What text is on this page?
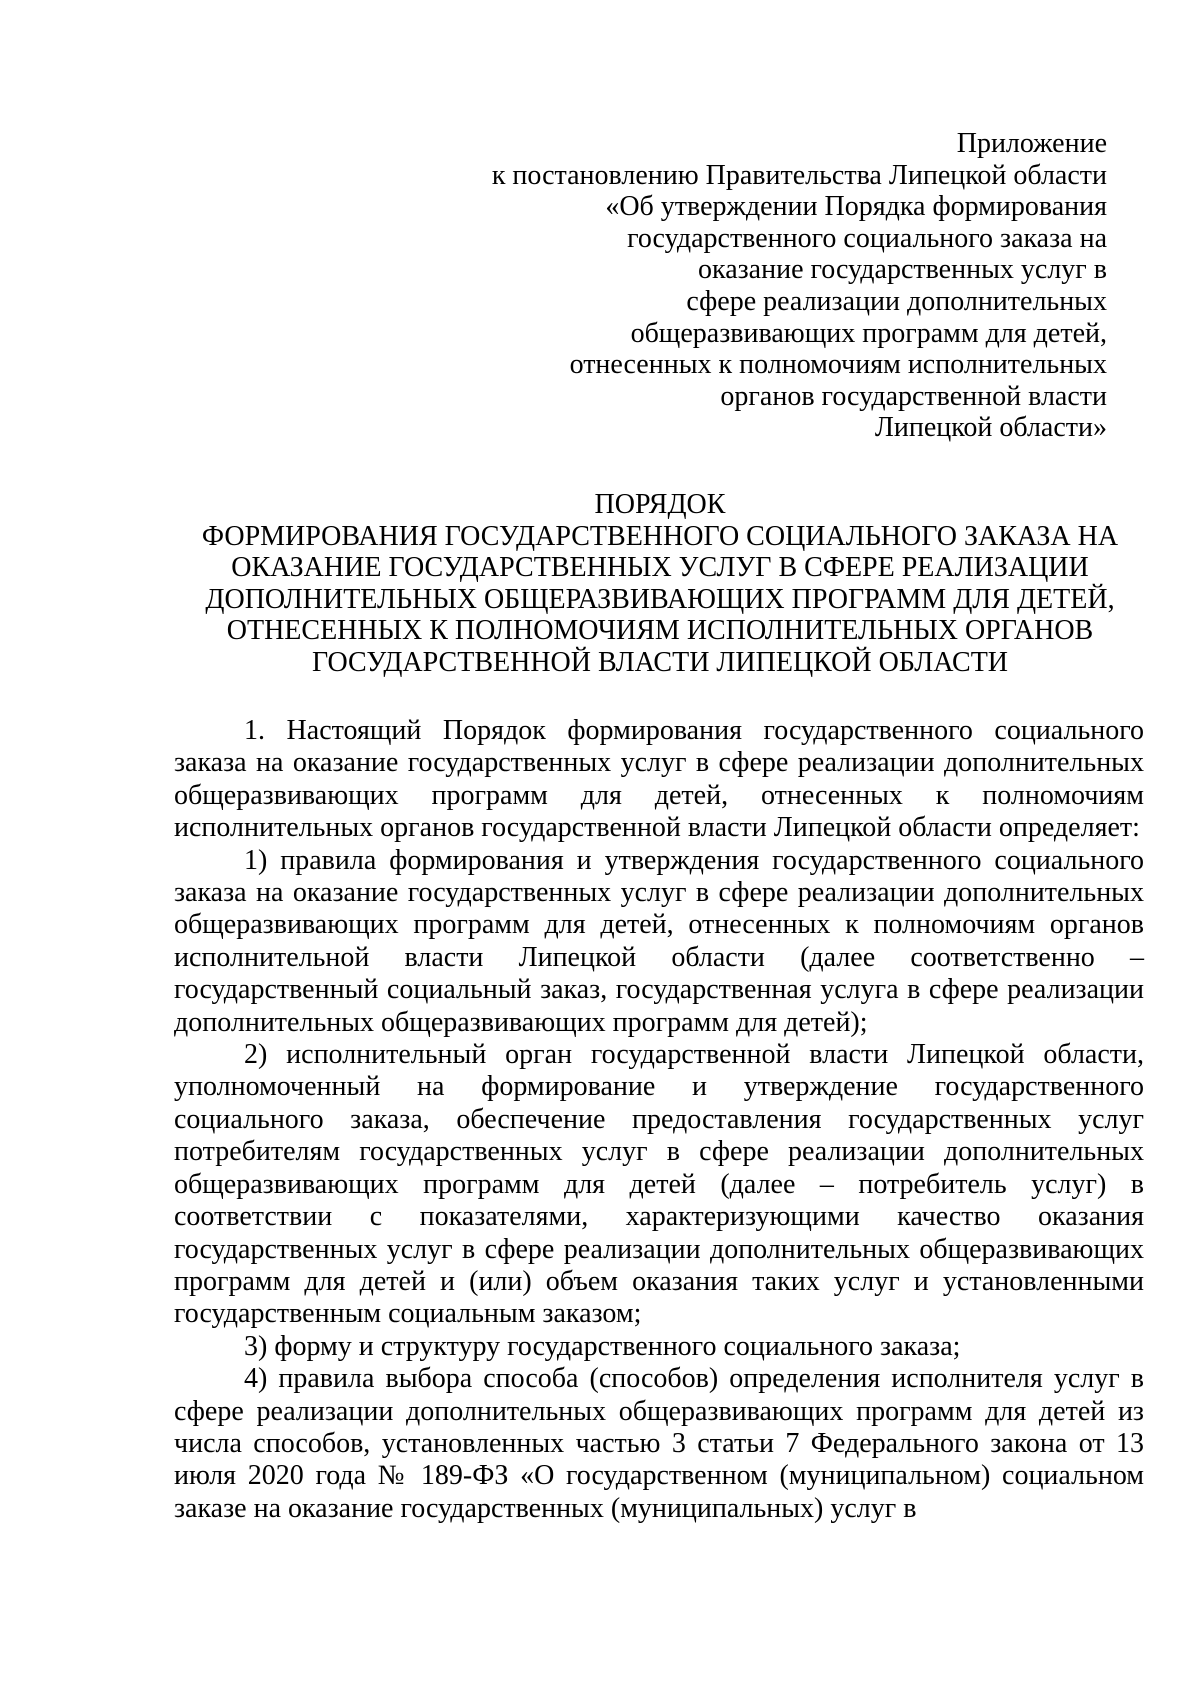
Приложение
к постановлению Правительства Липецкой области
«Об утверждении Порядка формирования
государственного социального заказа на
оказание государственных услуг в
сфере реализации дополнительных
общеразвивающих программ для детей,
отнесенных к полномочиям исполнительных
органов государственной власти
Липецкой области»
ПОРЯДОК
ФОРМИРОВАНИЯ ГОСУДАРСТВЕННОГО СОЦИАЛЬНОГО ЗАКАЗА НА
ОКАЗАНИЕ ГОСУДАРСТВЕННЫХ УСЛУГ В СФЕРЕ РЕАЛИЗАЦИИ
ДОПОЛНИТЕЛЬНЫХ ОБЩЕРАЗВИВАЮЩИХ ПРОГРАММ ДЛЯ ДЕТЕЙ,
ОТНЕСЕННЫХ К ПОЛНОМОЧИЯМ ИСПОЛНИТЕЛЬНЫХ ОРГАНОВ
ГОСУДАРСТВЕННОЙ ВЛАСТИ ЛИПЕЦКОЙ ОБЛАСТИ

1. Настоящий Порядок формирования государственного социального заказа на оказание государственных услуг в сфере реализации дополнительных общеразвивающих программ для детей, отнесенных к полномочиям исполнительных органов государственной власти Липецкой области определяет:

1) правила формирования и утверждения государственного социального заказа на оказание государственных услуг в сфере реализации дополнительных общеразвивающих программ для детей, отнесенных к полномочиям органов исполнительной власти Липецкой области (далее соответственно – государственный социальный заказ, государственная услуга в сфере реализации дополнительных общеразвивающих программ для детей);

2) исполнительный орган государственной власти Липецкой области, уполномоченный на формирование и утверждение государственного социального заказа, обеспечение предоставления государственных услуг потребителям государственных услуг в сфере реализации дополнительных общеразвивающих программ для детей (далее – потребитель услуг) в соответствии с показателями, характеризующими качество оказания государственных услуг в сфере реализации дополнительных общеразвивающих программ для детей и (или) объем оказания таких услуг и установленными государственным социальным заказом;

3) форму и структуру государственного социального заказа;

4) правила выбора способа (способов) определения исполнителя услуг в сфере реализации дополнительных общеразвивающих программ для детей из числа способов, установленных частью 3 статьи 7 Федерального закона от 13 июля 2020 года № 189-ФЗ «О государственном (муниципальном) социальном заказе на оказание государственных (муниципальных) услуг в
